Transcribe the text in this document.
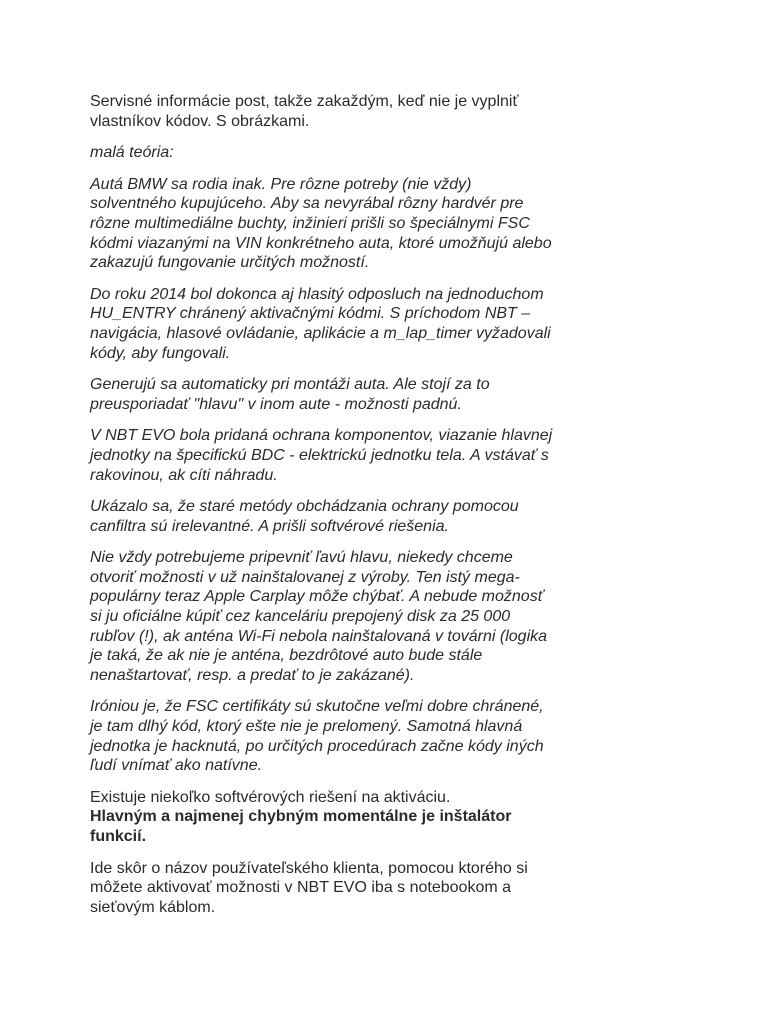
Servisné informácie post, takže zakaždým, keď nie je vyplniť
vlastníkov kódov. S obrázkami.

malá teória:

Autá BMW sa rodia inak. Pre rôzne potreby (nie vždy)
solventného kupujúceho. Aby sa nevyrábal rôzny hardvér pre
rôzne multimediálne buchty, inžinieri prišli so špeciálnymi FSC
kódmi viazanými na VIN konkrétneho auta, ktoré umožňujú alebo
zakazujú fungovanie určitých možností.

Do roku 2014 bol dokonca aj hlasitý odposluch na jednoduchom
HU_ENTRY chránený aktivačnými kódmi. S príchodom NBT –
navigácia, hlasové ovládanie, aplikácie a m_lap_timer vyžadovali
kódy, aby fungovali.

Generujú sa automaticky pri montáži auta. Ale stojí za to
preusporiadať "hlavu" v inom aute - možnosti padnú.

V NBT EVO bola pridaná ochrana komponentov, viazanie hlavnej
jednotky na špecifickú BDC - elektrickú jednotku tela. A vstávať s
rakovinou, ak cíti náhradu.

Ukázalo sa, že staré metódy obchádzania ochrany pomocou
canfiltra sú irelevantné. A prišli softvérové riešenia.

Nie vždy potrebujeme pripevniť ľavú hlavu, niekedy chceme
otvoriť možnosti v už nainštalovanej z výroby. Ten istý mega-
populárny teraz Apple Carplay môže chýbať. A nebude možnosť
si ju oficiálne kúpiť cez kanceláriu prepojený disk za 25 000
rubľov (!), ak anténa Wi-Fi nebola nainštalovaná v továrni (logika
je taká, že ak nie je anténa, bezdrôtové auto bude stále
nenaštartovať, resp. a predať to je zakázané).

Iróniou je, že FSC certifikáty sú skutočne veľmi dobre chránené,
je tam dlhý kód, ktorý ešte nie je prelomený. Samotná hlavná
jednotka je hacknutá, po určitých procedúrach začne kódy iných
ľudí vnímať ako natívne.

Existuje niekoľko softvérových riešení na aktiváciu.
Hlavným a najmenej chybným momentálne je inštalátor
funkcií.

Ide skôr o názov používateľského klienta, pomocou ktorého si
môžete aktivovať možnosti v NBT EVO iba s notebookom a
sieťovým káblom.
